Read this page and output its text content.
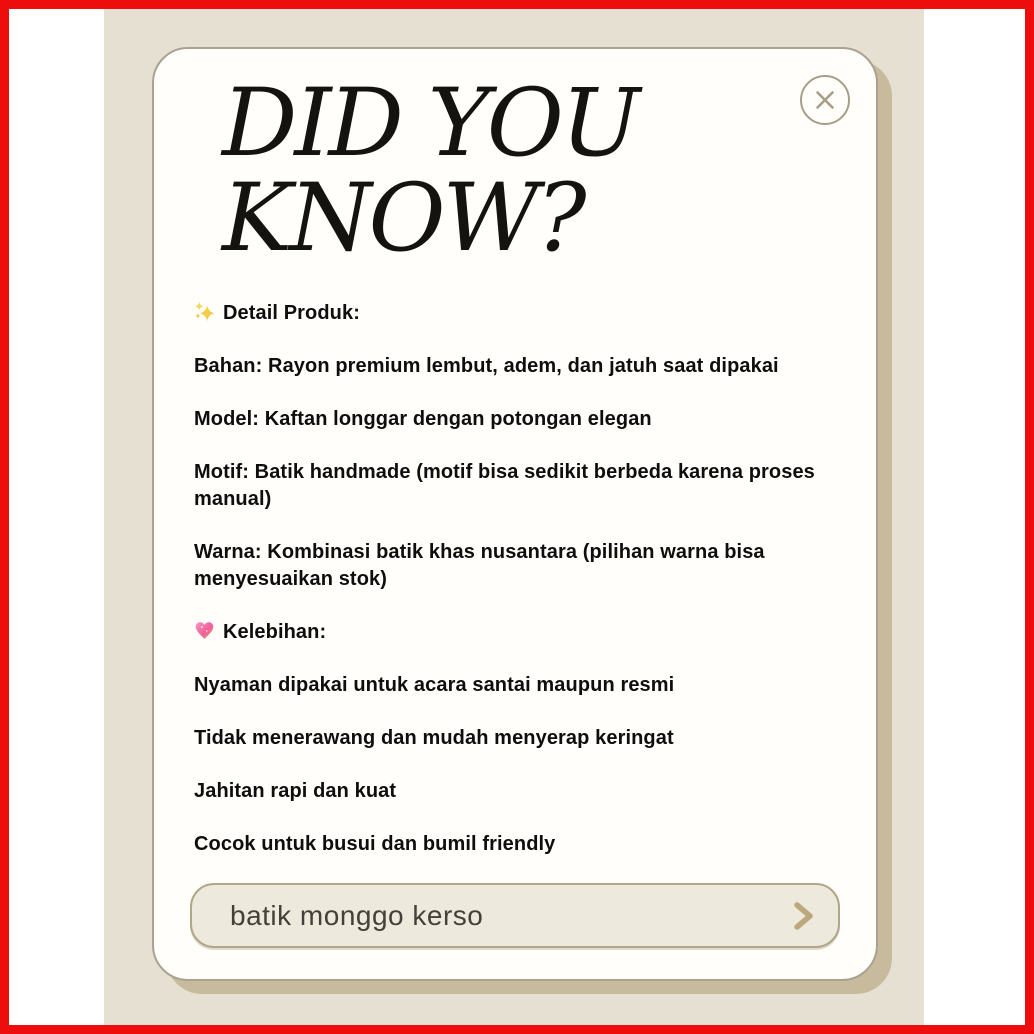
DID YOU
KNOW?
Detail Produk:
Bahan: Rayon premium lembut, adem, dan jatuh saat dipakai
Model: Kaftan longgar dengan potongan elegan
Motif: Batik handmade (motif bisa sedikit berbeda karena proses manual)
Warna: Kombinasi batik khas nusantara (pilihan warna bisa menyesuaikan stok)
Kelebihan:
Nyaman dipakai untuk acara santai maupun resmi
Tidak menerawang dan mudah menyerap keringat
Jahitan rapi dan kuat
Cocok untuk busui dan bumil friendly
batik monggo kerso
